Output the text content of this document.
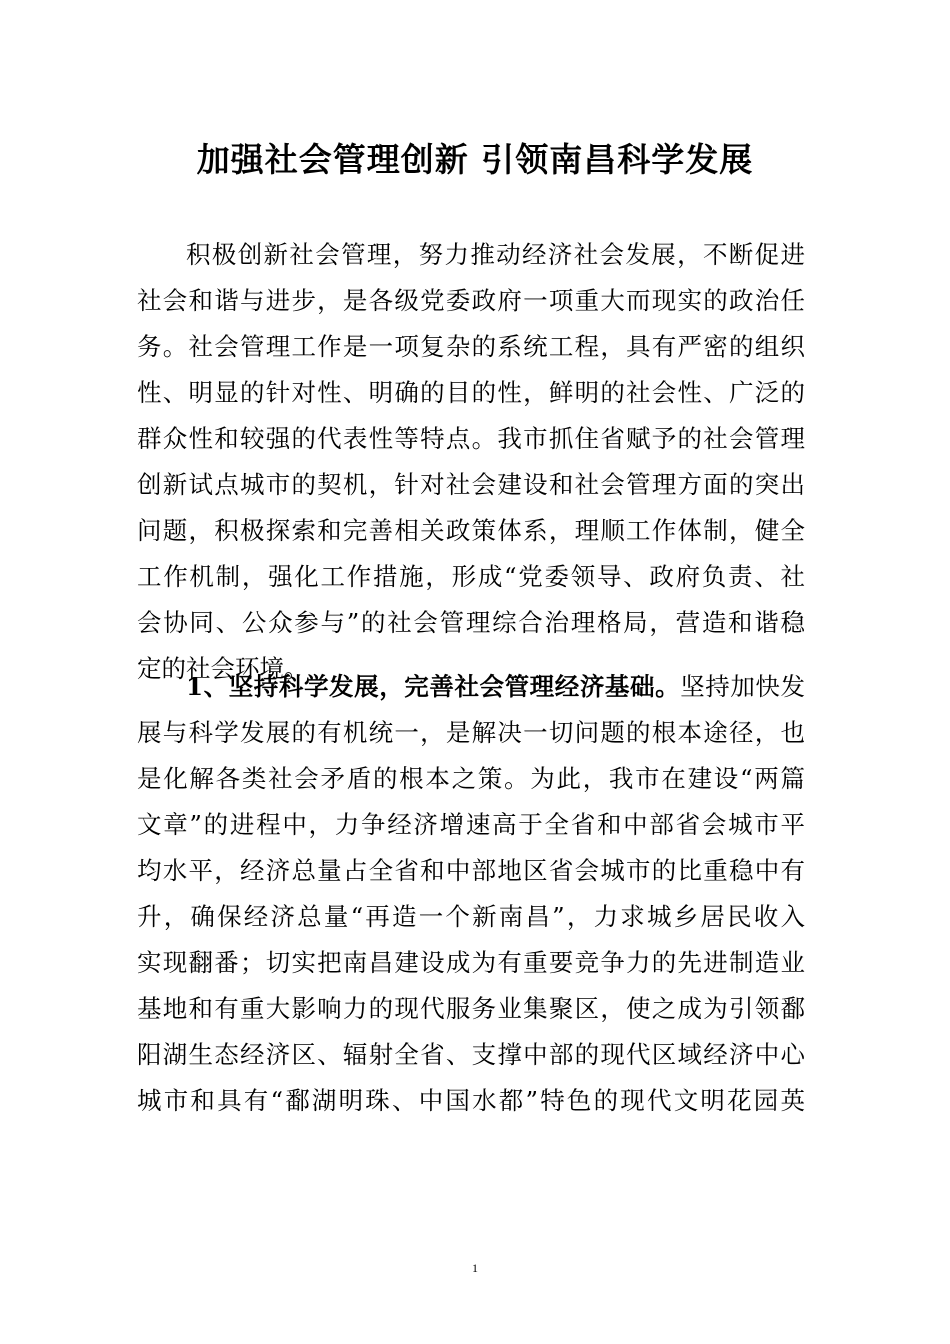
加强社会管理创新 引领南昌科学发展
积极创新社会管理，努力推动经济社会发展，不断促进
社会和谐与进步，是各级党委政府一项重大而现实的政治任
务。社会管理工作是一项复杂的系统工程，具有严密的组织
性、明显的针对性、明确的目的性，鲜明的社会性、广泛的
群众性和较强的代表性等特点。我市抓住省赋予的社会管理
创新试点城市的契机，针对社会建设和社会管理方面的突出
问题，积极探索和完善相关政策体系，理顺工作体制，健全
工作机制，强化工作措施，形成“党委领导、政府负责、社
会协同、公众参与”的社会管理综合治理格局，营造和谐稳
定的社会环境。
1、坚持科学发展，完善社会管理经济基础。坚持加快发
展与科学发展的有机统一，是解决一切问题的根本途径，也
是化解各类社会矛盾的根本之策。为此，我市在建设“两篇
文章”的进程中，力争经济增速高于全省和中部省会城市平
均水平，经济总量占全省和中部地区省会城市的比重稳中有
升，确保经济总量“再造一个新南昌”，力求城乡居民收入
实现翻番；切实把南昌建设成为有重要竞争力的先进制造业
基地和有重大影响力的现代服务业集聚区，使之成为引领鄱
阳湖生态经济区、辐射全省、支撑中部的现代区域经济中心
城市和具有“鄱湖明珠、中国水都”特色的现代文明花园英
1
